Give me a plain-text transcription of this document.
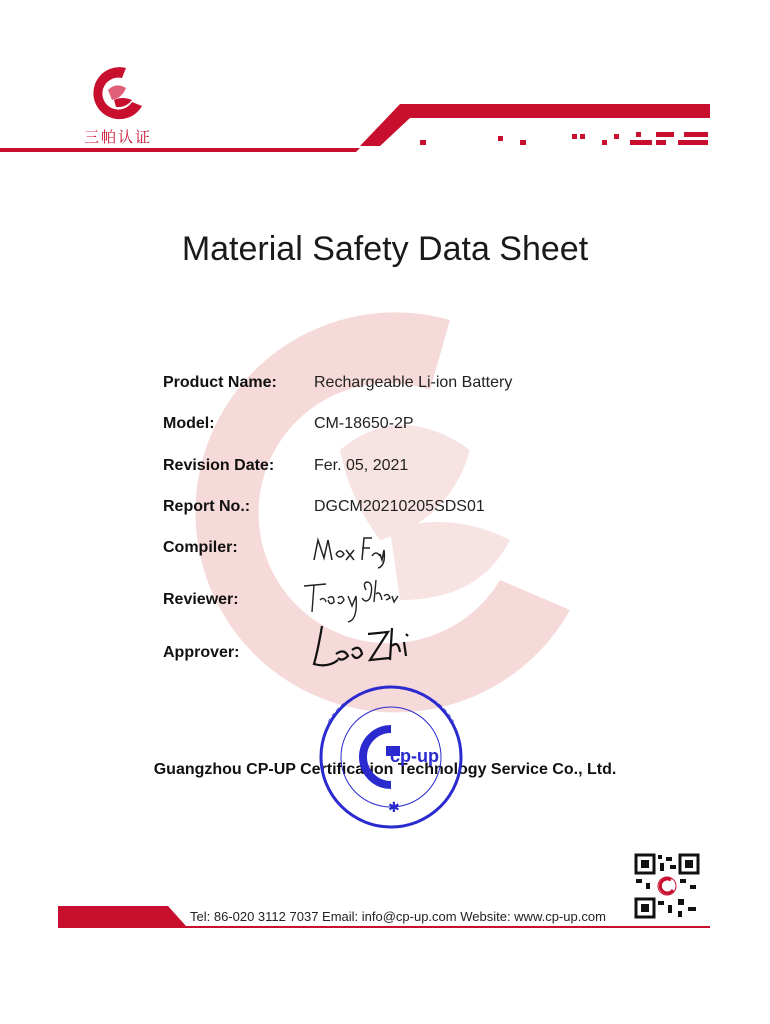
三帕认证
Material Safety Data Sheet
Product Name: Rechargeable Li-ion Battery
Model:	CM-18650-2P
Revision Date: Fer. 05, 2021
Report No.:	DGCM20210205SDS01
Compiler:
Reviewer:
Approver:
Guangzhou CP-UP Certification Technology Service Co., Ltd.
cp-up
✱
Tel: 86-020 3112 7037 Email: info@cp-up.com Website: www.cp-up.com
